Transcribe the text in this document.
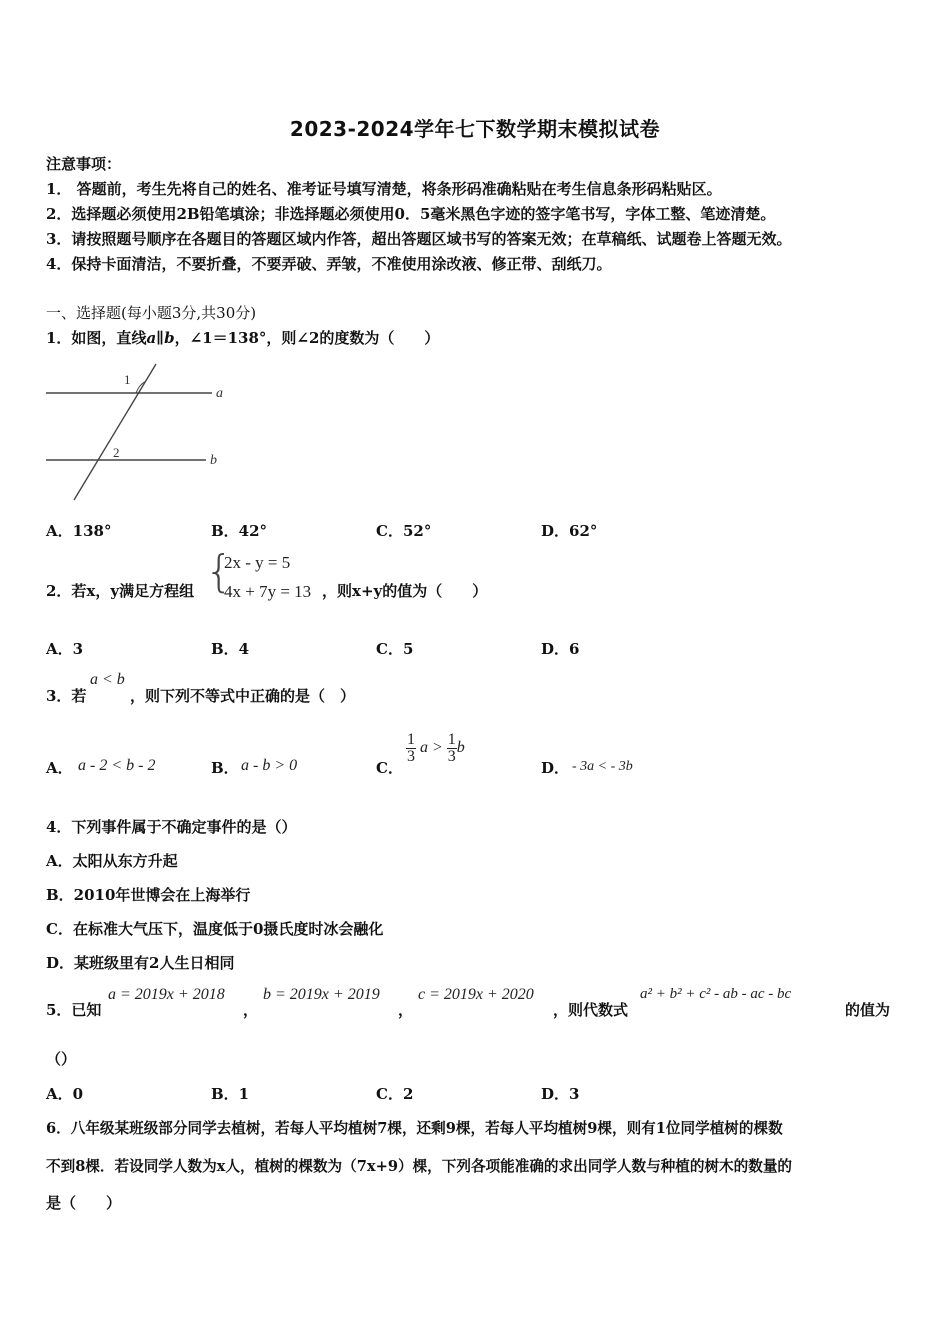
2023-2024学年七下数学期末模拟试卷
注意事项：
1． 答题前，考生先将自己的姓名、准考证号填写清楚，将条形码准确粘贴在考生信息条形码粘贴区。
2．选择题必须使用2B铅笔填涂；非选择题必须使用0．5毫米黑色字迹的签字笔书写，字体工整、笔迹清楚。
3．请按照题号顺序在各题目的答题区域内作答，超出答题区域书写的答案无效；在草稿纸、试题卷上答题无效。
4．保持卡面清洁，不要折叠，不要弄破、弄皱，不准使用涂改液、修正带、刮纸刀。
一、选择题(每小题3分,共30分)
1．如图，直线a∥b，∠1＝138°，则∠2的度数为（　　）
1
2
a
b
A．138°	B．42°	C．52°	D．62°
2．若x，y满足方程组 {
2x - y = 5
4x + 7y = 13 ，则x+y的值为（　　）
A．3	B．4	C．5	D．6
3．若
a < b
，则下列不等式中正确的是（　）
A． a - 2 < b - 2	B． a - b > 0	C．
$\frac{1}{3}$ $a > \frac{1}{3}$ b
D． - 3a < - 3b
4．下列事件属于不确定事件的是（）
A．太阳从东方升起
B．2010年世博会在上海举行
C．在标准大气压下，温度低于0摄氏度时冰会融化
D．某班级里有2人生日相同
5．已知
a = 2019x + 2018
，
b = 2019x + 2019
，
c = 2019x + 2020
，则代数式
a² + b² + c² - ab - ac - bc
的值为
（）
A．0	B．1	C．2	D．3
6．八年级某班级部分同学去植树，若每人平均植树7棵，还剩9棵，若每人平均植树9棵，则有1位同学植树的棵数
不到8棵．若设同学人数为x人，植树的棵数为（7x+9）棵，下列各项能准确的求出同学人数与种植的树木的数量的
是（　　）
